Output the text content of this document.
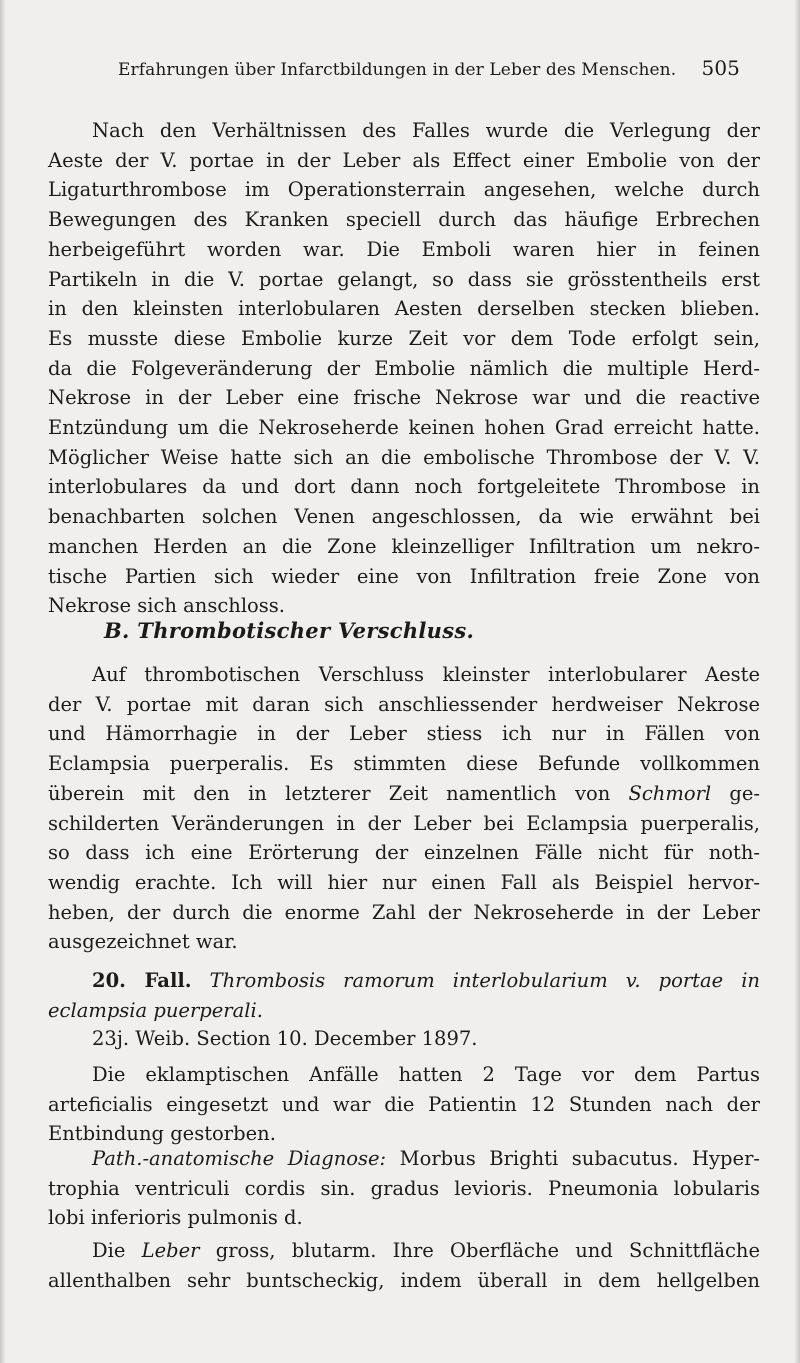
Erfahrungen über Infarctbildungen in der Leber des Menschen. 505
Nach den Verhältnissen des Falles wurde die Verlegung der
Aeste der V. portae in der Leber als Effect einer Embolie von der
Ligaturthrombose im Operationsterrain angesehen, welche durch
Bewegungen des Kranken speciell durch das häufige Erbrechen
herbeigeführt worden war. Die Emboli waren hier in feinen
Partikeln in die V. portae gelangt, so dass sie grösstentheils erst
in den kleinsten interlobularen Aesten derselben stecken blieben.
Es musste diese Embolie kurze Zeit vor dem Tode erfolgt sein,
da die Folgeveränderung der Embolie nämlich die multiple Herd-
Nekrose in der Leber eine frische Nekrose war und die reactive
Entzündung um die Nekroseherde keinen hohen Grad erreicht hatte.
Möglicher Weise hatte sich an die embolische Thrombose der V. V.
interlobulares da und dort dann noch fortgeleitete Thrombose in
benachbarten solchen Venen angeschlossen, da wie erwähnt bei
manchen Herden an die Zone kleinzelliger Infiltration um nekro-
tische Partien sich wieder eine von Infiltration freie Zone von
Nekrose sich anschloss.
B. Thrombotischer Verschluss.
Auf thrombotischen Verschluss kleinster interlobularer Aeste
der V. portae mit daran sich anschliessender herdweiser Nekrose
und Hämorrhagie in der Leber stiess ich nur in Fällen von
Eclampsia puerperalis. Es stimmten diese Befunde vollkommen
überein mit den in letzterer Zeit namentlich von Schmorl ge-
schilderten Veränderungen in der Leber bei Eclampsia puerperalis,
so dass ich eine Erörterung der einzelnen Fälle nicht für noth-
wendig erachte. Ich will hier nur einen Fall als Beispiel hervor-
heben, der durch die enorme Zahl der Nekroseherde in der Leber
ausgezeichnet war.
20. Fall. Thrombosis ramorum interlobularium v. portae in
eclampsia puerperali.
23j. Weib. Section 10. December 1897.
Die eklamptischen Anfälle hatten 2 Tage vor dem Partus
arteficialis eingesetzt und war die Patientin 12 Stunden nach der
Entbindung gestorben.
Path.-anatomische Diagnose: Morbus Brighti subacutus. Hyper-
trophia ventriculi cordis sin. gradus levioris. Pneumonia lobularis
lobi inferioris pulmonis d.
Die Leber gross, blutarm. Ihre Oberfläche und Schnittfläche
allenthalben sehr buntscheckig, indem überall in dem hellgelben
